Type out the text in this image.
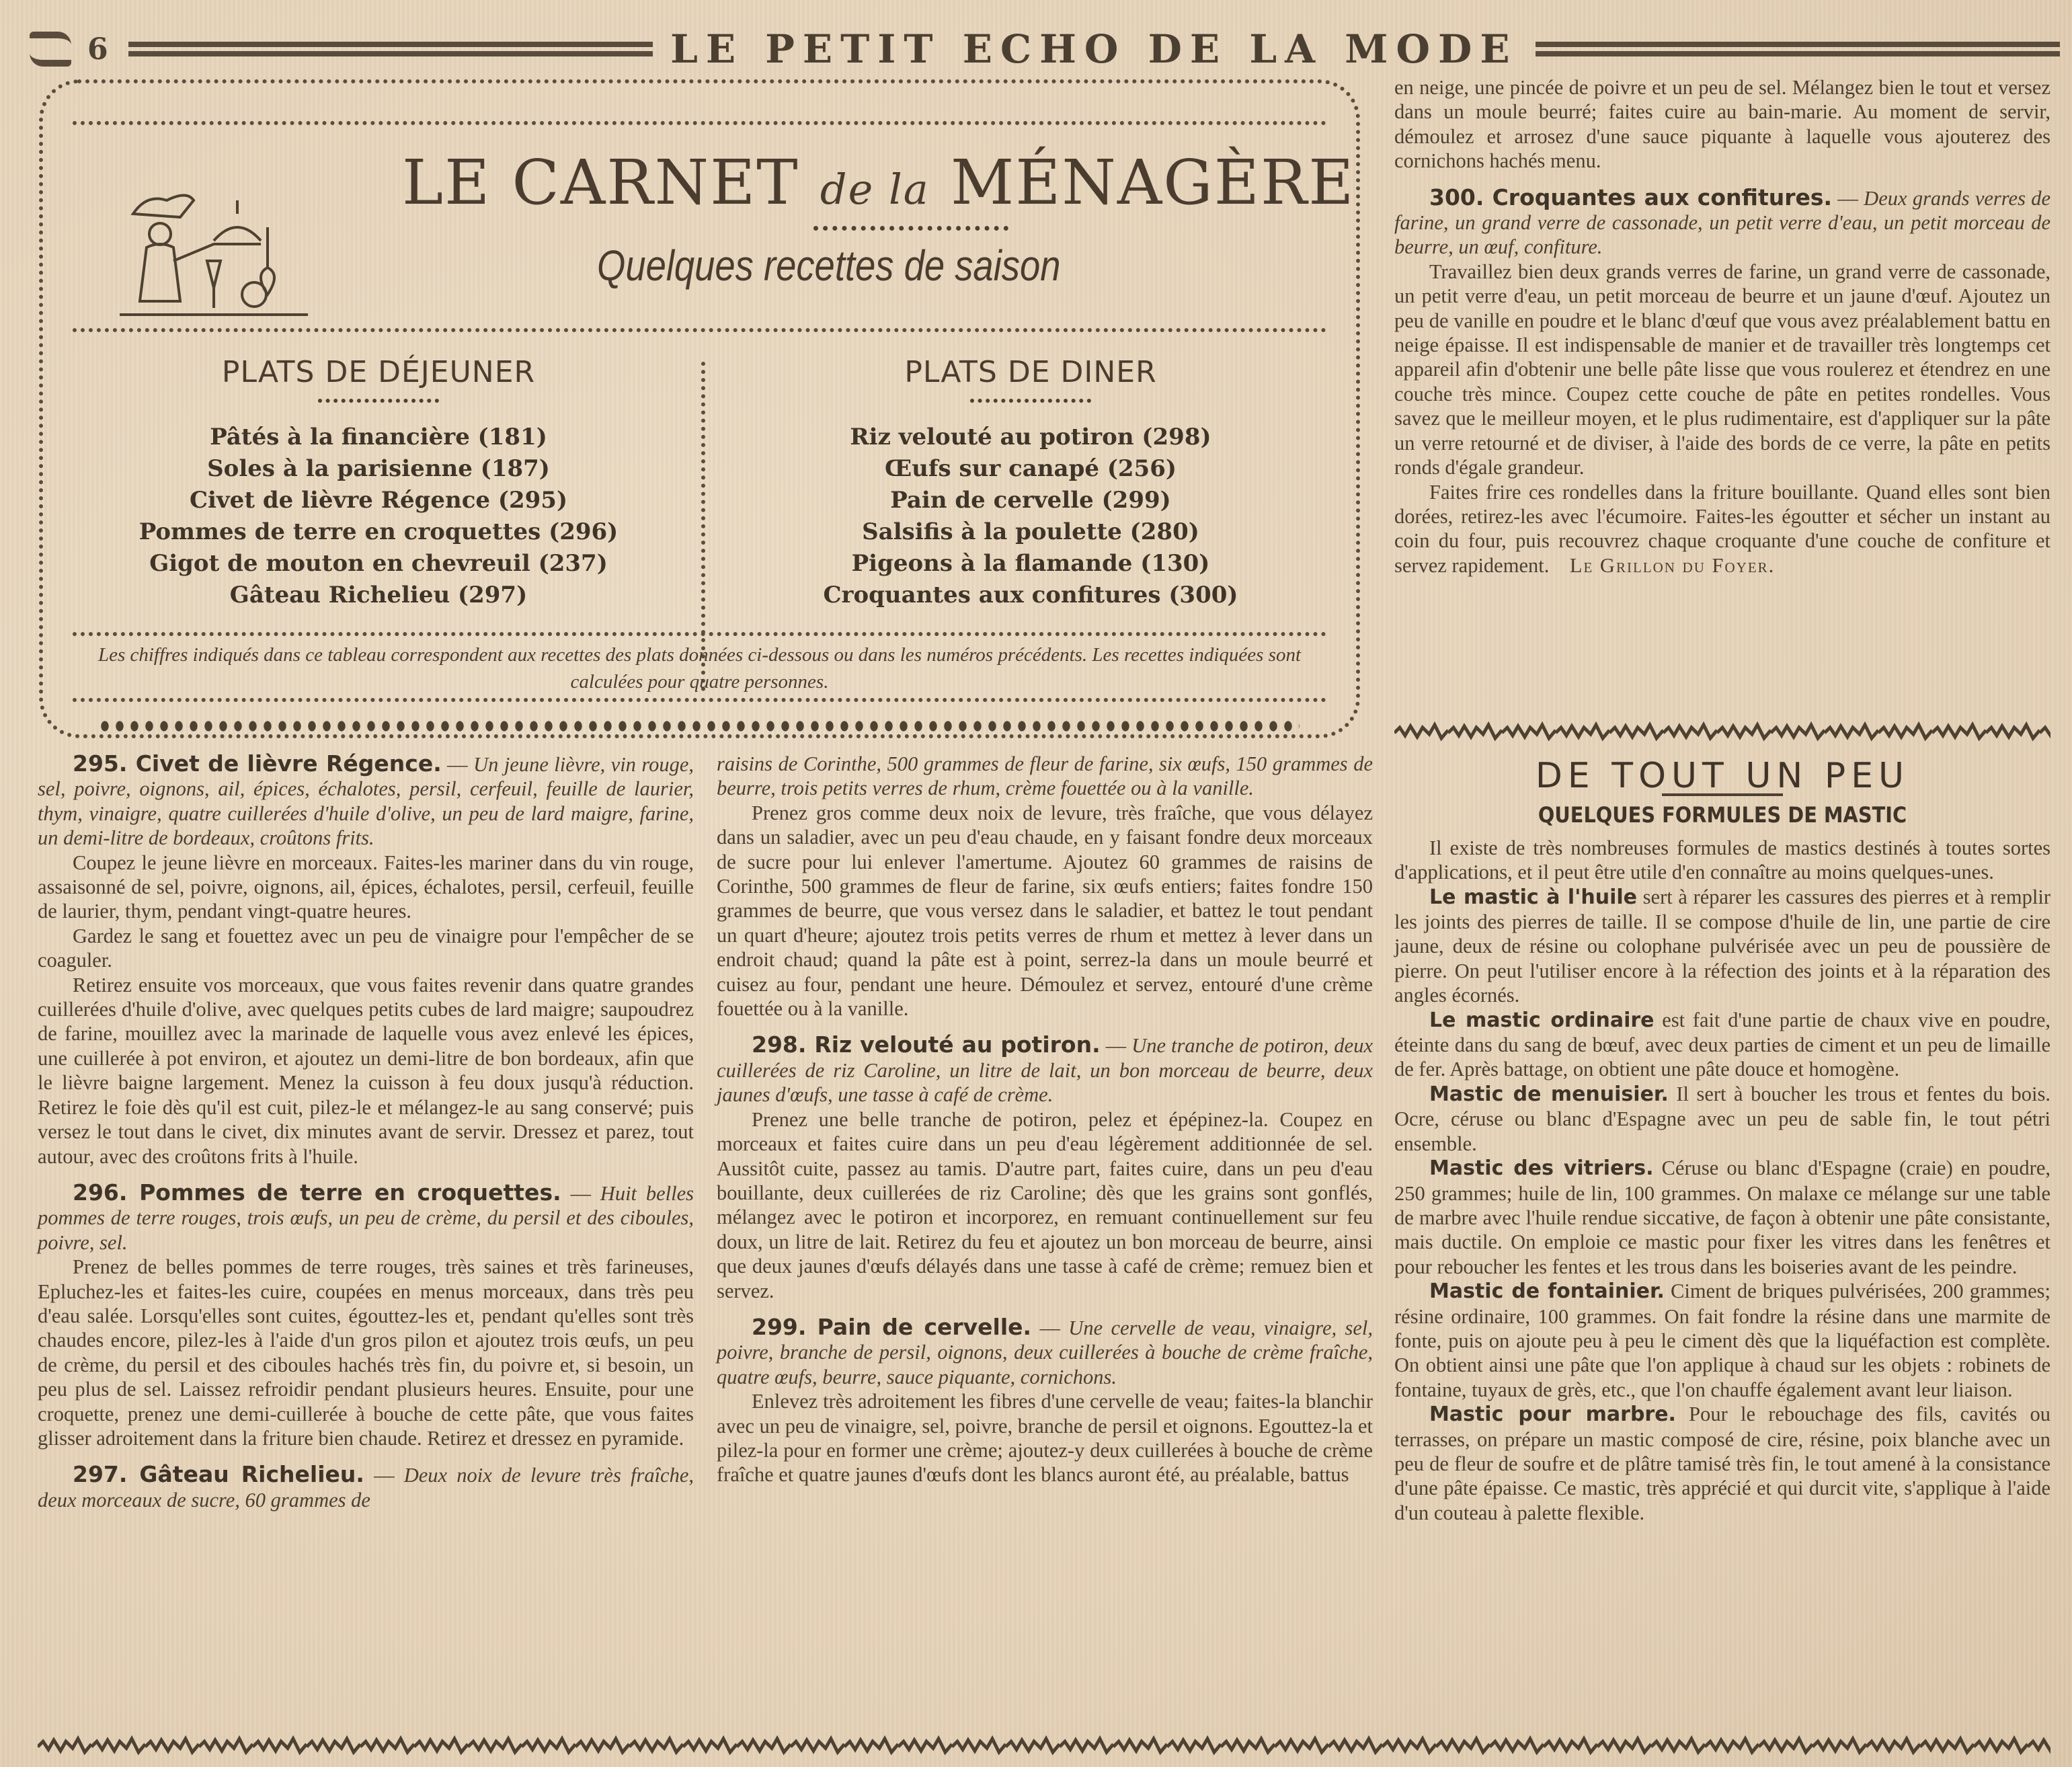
6	LE PETIT ECHO DE LA MODE
LE CARNET de la MÉNAGÈRE
Quelques recettes de saison
PLATS DE DÉJEUNER
Pâtés à la financière (181)
Soles à la parisienne (187)
Civet de lièvre Régence (295)
Pommes de terre en croquettes (296)
Gigot de mouton en chevreuil (237)
Gâteau Richelieu (297)
PLATS DE DINER
Riz velouté au potiron (298)
Œufs sur canapé (256)
Pain de cervelle (299)
Salsifis à la poulette (280)
Pigeons à la flamande (130)
Croquantes aux confitures (300)
Les chiffres indiqués dans ce tableau correspondent aux recettes des plats données ci-dessous ou dans les numéros précédents. Les recettes indiquées sont calculées pour quatre personnes.

295. Civet de lièvre Régence. — Un jeune lièvre, vin rouge, sel, poivre, oignons, ail, épices, échalotes, persil, cerfeuil, feuille de laurier, thym, vinaigre, quatre cuillerées d'huile d'olive, un peu de lard maigre, farine, un demi-litre de bordeaux, croûtons frits.

Coupez le jeune lièvre en morceaux. Faites-les mariner dans du vin rouge, assaisonné de sel, poivre, oignons, ail, épices, échalotes, persil, cerfeuil, feuille de laurier, thym, pendant vingt-quatre heures.

Gardez le sang et fouettez avec un peu de vinaigre pour l'empêcher de se coaguler.

Retirez ensuite vos morceaux, que vous faites revenir dans quatre grandes cuillerées d'huile d'olive, avec quelques petits cubes de lard maigre; saupoudrez de farine, mouillez avec la marinade de laquelle vous avez enlevé les épices, une cuillerée à pot environ, et ajoutez un demi-litre de bon bordeaux, afin que le lièvre baigne largement. Menez la cuisson à feu doux jusqu'à réduction. Retirez le foie dès qu'il est cuit, pilez-le et mélangez-le au sang conservé; puis versez le tout dans le civet, dix minutes avant de servir. Dressez et parez, tout autour, avec des croûtons frits à l'huile.

296. Pommes de terre en croquettes. — Huit belles pommes de terre rouges, trois œufs, un peu de crème, du persil et des ciboules, poivre, sel.

Prenez de belles pommes de terre rouges, très saines et très farineuses, Epluchez-les et faites-les cuire, coupées en menus morceaux, dans très peu d'eau salée. Lorsqu'elles sont cuites, égouttez-les et, pendant qu'elles sont très chaudes encore, pilez-les à l'aide d'un gros pilon et ajoutez trois œufs, un peu de crème, du persil et des ciboules hachés très fin, du poivre et, si besoin, un peu plus de sel. Laissez refroidir pendant plusieurs heures. Ensuite, pour une croquette, prenez une demi-cuillerée à bouche de cette pâte, que vous faites glisser adroitement dans la friture bien chaude. Retirez et dressez en pyramide.

297. Gâteau Richelieu. — Deux noix de levure très fraîche, deux morceaux de sucre, 60 grammes de

raisins de Corinthe, 500 grammes de fleur de farine, six œufs, 150 grammes de beurre, trois petits verres de rhum, crème fouettée ou à la vanille.

Prenez gros comme deux noix de levure, très fraîche, que vous délayez dans un saladier, avec un peu d'eau chaude, en y faisant fondre deux morceaux de sucre pour lui enlever l'amertume. Ajoutez 60 grammes de raisins de Corinthe, 500 grammes de fleur de farine, six œufs entiers; faites fondre 150 grammes de beurre, que vous versez dans le saladier, et battez le tout pendant un quart d'heure; ajoutez trois petits verres de rhum et mettez à lever dans un endroit chaud; quand la pâte est à point, serrez-la dans un moule beurré et cuisez au four, pendant une heure. Démoulez et servez, entouré d'une crème fouettée ou à la vanille.

298. Riz velouté au potiron. — Une tranche de potiron, deux cuillerées de riz Caroline, un litre de lait, un bon morceau de beurre, deux jaunes d'œufs, une tasse à café de crème.

Prenez une belle tranche de potiron, pelez et épépinez-la. Coupez en morceaux et faites cuire dans un peu d'eau légèrement additionnée de sel. Aussitôt cuite, passez au tamis. D'autre part, faites cuire, dans un peu d'eau bouillante, deux cuillerées de riz Caroline; dès que les grains sont gonflés, mélangez avec le potiron et incorporez, en remuant continuellement sur feu doux, un litre de lait. Retirez du feu et ajoutez un bon morceau de beurre, ainsi que deux jaunes d'œufs délayés dans une tasse à café de crème; remuez bien et servez.

299. Pain de cervelle. — Une cervelle de veau, vinaigre, sel, poivre, branche de persil, oignons, deux cuillerées à bouche de crème fraîche, quatre œufs, beurre, sauce piquante, cornichons.

Enlevez très adroitement les fibres d'une cervelle de veau; faites-la blanchir avec un peu de vinaigre, sel, poivre, branche de persil et oignons. Egouttez-la et pilez-la pour en former une crème; ajoutez-y deux cuillerées à bouche de crème fraîche et quatre jaunes d'œufs dont les blancs auront été, au préalable, battus

en neige, une pincée de poivre et un peu de sel. Mélangez bien le tout et versez dans un moule beurré; faites cuire au bain-marie. Au moment de servir, démoulez et arrosez d'une sauce piquante à laquelle vous ajouterez des cornichons hachés menu.

300. Croquantes aux confitures. — Deux grands verres de farine, un grand verre de cassonade, un petit verre d'eau, un petit morceau de beurre, un œuf, confiture.

Travaillez bien deux grands verres de farine, un grand verre de cassonade, un petit verre d'eau, un petit morceau de beurre et un jaune d'œuf. Ajoutez un peu de vanille en poudre et le blanc d'œuf que vous avez préalablement battu en neige épaisse. Il est indispensable de manier et de travailler très longtemps cet appareil afin d'obtenir une belle pâte lisse que vous roulerez et étendrez en une couche très mince. Coupez cette couche de pâte en petites rondelles. Vous savez que le meilleur moyen, et le plus rudimentaire, est d'appliquer sur la pâte un verre retourné et de diviser, à l'aide des bords de ce verre, la pâte en petits ronds d'égale grandeur.

Faites frire ces rondelles dans la friture bouillante. Quand elles sont bien dorées, retirez-les avec l'écumoire. Faites-les égoutter et sécher un instant au coin du four, puis recouvrez chaque croquante d'une couche de confiture et servez rapidement. Le Grillon du Foyer.

DE TOUT UN PEU
QUELQUES FORMULES DE MASTIC

Il existe de très nombreuses formules de mastics destinés à toutes sortes d'applications, et il peut être utile d'en connaître au moins quelques-unes.

Le mastic à l'huile sert à réparer les cassures des pierres et à remplir les joints des pierres de taille. Il se compose d'huile de lin, une partie de cire jaune, deux de résine ou colophane pulvérisée avec un peu de poussière de pierre. On peut l'utiliser encore à la réfection des joints et à la réparation des angles écornés.

Le mastic ordinaire est fait d'une partie de chaux vive en poudre, éteinte dans du sang de bœuf, avec deux parties de ciment et un peu de limaille de fer. Après battage, on obtient une pâte douce et homogène.

Mastic de menuisier. Il sert à boucher les trous et fentes du bois. Ocre, céruse ou blanc d'Espagne avec un peu de sable fin, le tout pétri ensemble.

Mastic des vitriers. Céruse ou blanc d'Espagne (craie) en poudre, 250 grammes; huile de lin, 100 grammes. On malaxe ce mélange sur une table de marbre avec l'huile rendue siccative, de façon à obtenir une pâte consistante, mais ductile. On emploie ce mastic pour fixer les vitres dans les fenêtres et pour reboucher les fentes et les trous dans les boiseries avant de les peindre.

Mastic de fontainier. Ciment de briques pulvérisées, 200 grammes; résine ordinaire, 100 grammes. On fait fondre la résine dans une marmite de fonte, puis on ajoute peu à peu le ciment dès que la liquéfaction est complète. On obtient ainsi une pâte que l'on applique à chaud sur les objets : robinets de fontaine, tuyaux de grès, etc., que l'on chauffe également avant leur liaison.

Mastic pour marbre. Pour le rebouchage des fils, cavités ou terrasses, on prépare un mastic composé de cire, résine, poix blanche avec un peu de fleur de soufre et de plâtre tamisé très fin, le tout amené à la consistance d'une pâte épaisse. Ce mastic, très apprécié et qui durcit vite, s'applique à l'aide d'un couteau à palette flexible.
